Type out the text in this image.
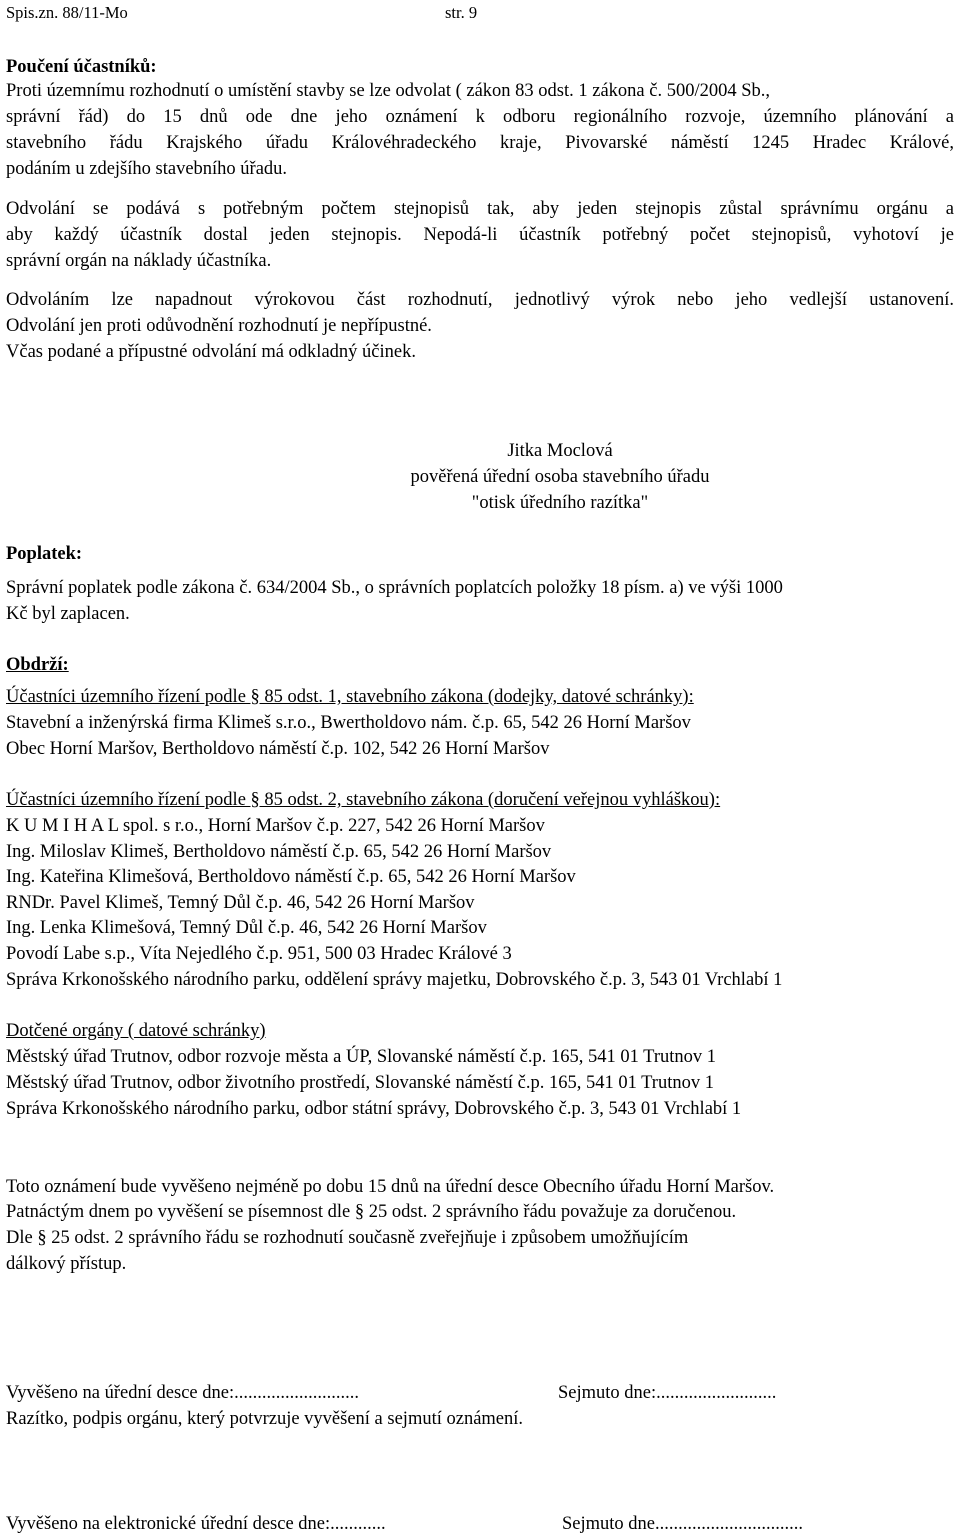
Spis.zn. 88/11-Mo	str. 9
Poučení účastníků:
Proti územnímu rozhodnutí o umístění stavby se lze odvolat ( zákon 83 odst. 1 zákona č. 500/2004 Sb.,
správní řád) do 15 dnů ode dne jeho oznámení k odboru regionálního rozvoje, územního plánování a
stavebního řádu Krajského úřadu Královéhradeckého kraje, Pivovarské náměstí 1245 Hradec Králové,
podáním u zdejšího stavebního úřadu.
Odvolání se podává s potřebným počtem stejnopisů tak, aby jeden stejnopis zůstal správnímu orgánu a
aby každý účastník dostal jeden stejnopis. Nepodá-li účastník potřebný počet stejnopisů, vyhotoví je
správní orgán na náklady účastníka.
Odvoláním lze napadnout výrokovou část rozhodnutí, jednotlivý výrok nebo jeho vedlejší ustanovení.
Odvolání jen proti odůvodnění rozhodnutí je nepřípustné.
Včas podané a přípustné odvolání má odkladný účinek.
Jitka Moclová
pověřená úřední osoba stavebního úřadu
"otisk úředního razítka"
Poplatek:
Správní poplatek podle zákona č. 634/2004 Sb., o správních poplatcích položky 18 písm. a) ve výši 1000
Kč byl zaplacen.
Obdrží:
Účastníci územního řízení podle § 85 odst. 1, stavebního zákona (dodejky, datové schránky):
Stavební a inženýrská firma Klimeš s.r.o., Bwertholdovo nám. č.p. 65, 542 26 Horní Maršov
Obec Horní Maršov, Bertholdovo náměstí č.p. 102, 542 26 Horní Maršov
Účastníci územního řízení podle § 85 odst. 2, stavebního zákona (doručení veřejnou vyhláškou):
K U M I H A L spol. s r.o., Horní Maršov č.p. 227, 542 26 Horní Maršov
Ing. Miloslav Klimeš, Bertholdovo náměstí č.p. 65, 542 26 Horní Maršov
Ing. Kateřina Klimešová, Bertholdovo náměstí č.p. 65, 542 26 Horní Maršov
RNDr. Pavel Klimeš, Temný Důl č.p. 46, 542 26 Horní Maršov
Ing. Lenka Klimešová, Temný Důl č.p. 46, 542 26 Horní Maršov
Povodí Labe s.p., Víta Nejedlého č.p. 951, 500 03 Hradec Králové 3
Správa Krkonošského národního parku, oddělení správy majetku, Dobrovského č.p. 3, 543 01 Vrchlabí 1
Dotčené orgány ( datové schránky)
Městský úřad Trutnov, odbor rozvoje města a ÚP, Slovanské náměstí č.p. 165, 541 01 Trutnov 1
Městský úřad Trutnov, odbor životního prostředí, Slovanské náměstí č.p. 165, 541 01 Trutnov 1
Správa Krkonošského národního parku, odbor státní správy, Dobrovského č.p. 3, 543 01 Vrchlabí 1
Toto oznámení bude vyvěšeno nejméně po dobu 15 dnů na úřední desce Obecního úřadu Horní Maršov.
Patnáctým dnem po vyvěšení se písemnost dle § 25 odst. 2 správního řádu považuje za doručenou.
Dle § 25 odst. 2 správního řádu se rozhodnutí současně zveřejňuje i způsobem umožňujícím
dálkový přístup.
Vyvěšeno na úřední desce dne:...........................	Sejmuto dne:..........................
Razítko, podpis orgánu, který potvrzuje vyvěšení a sejmutí oznámení.
Vyvěšeno na elektronické úřední desce dne:............	Sejmuto dne................................
